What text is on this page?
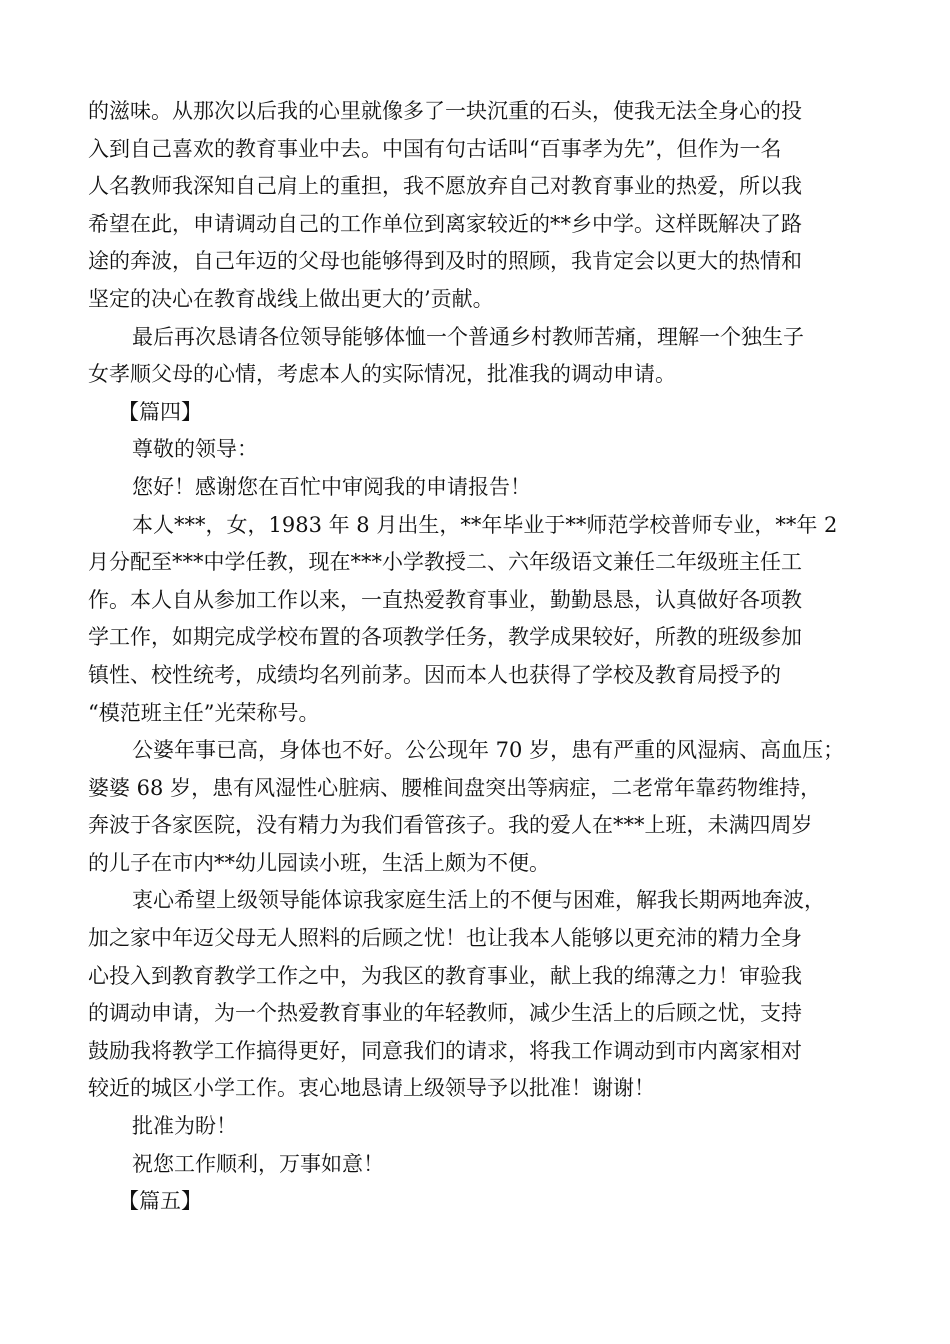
的滋味。从那次以后我的心里就像多了一块沉重的石头，使我无法全身心的投
入到自己喜欢的教育事业中去。中国有句古话叫“百事孝为先”，但作为一名
人名教师我深知自己肩上的重担，我不愿放弃自己对教育事业的热爱，所以我
希望在此，申请调动自己的工作单位到离家较近的**乡中学。这样既解决了路
途的奔波，自己年迈的父母也能够得到及时的照顾，我肯定会以更大的热情和
坚定的决心在教育战线上做出更大的’贡献。
最后再次恳请各位领导能够体恤一个普通乡村教师苦痛，理解一个独生子
女孝顺父母的心情，考虑本人的实际情况，批准我的调动申请。
【篇四】
尊敬的领导：
您好！感谢您在百忙中审阅我的申请报告！
本人***，女，1983 年 8 月出生，**年毕业于**师范学校普师专业，**年 2
月分配至***中学任教，现在***小学教授二、六年级语文兼任二年级班主任工
作。本人自从参加工作以来，一直热爱教育事业，勤勤恳恳，认真做好各项教
学工作，如期完成学校布置的各项教学任务，教学成果较好，所教的班级参加
镇性、校性统考，成绩均名列前茅。因而本人也获得了学校及教育局授予的
“模范班主任”光荣称号。
公婆年事已高，身体也不好。公公现年 70 岁，患有严重的风湿病、高血压；
婆婆 68 岁，患有风湿性心脏病、腰椎间盘突出等病症，二老常年靠药物维持，
奔波于各家医院，没有精力为我们看管孩子。我的爱人在***上班，未满四周岁
的儿子在市内**幼儿园读小班，生活上颇为不便。
衷心希望上级领导能体谅我家庭生活上的不便与困难，解我长期两地奔波，
加之家中年迈父母无人照料的后顾之忧！也让我本人能够以更充沛的精力全身
心投入到教育教学工作之中，为我区的教育事业，献上我的绵薄之力！审验我
的调动申请，为一个热爱教育事业的年轻教师，减少生活上的后顾之忧，支持
鼓励我将教学工作搞得更好，同意我们的请求，将我工作调动到市内离家相对
较近的城区小学工作。衷心地恳请上级领导予以批准！谢谢！
批准为盼！
祝您工作顺利，万事如意！
【篇五】
